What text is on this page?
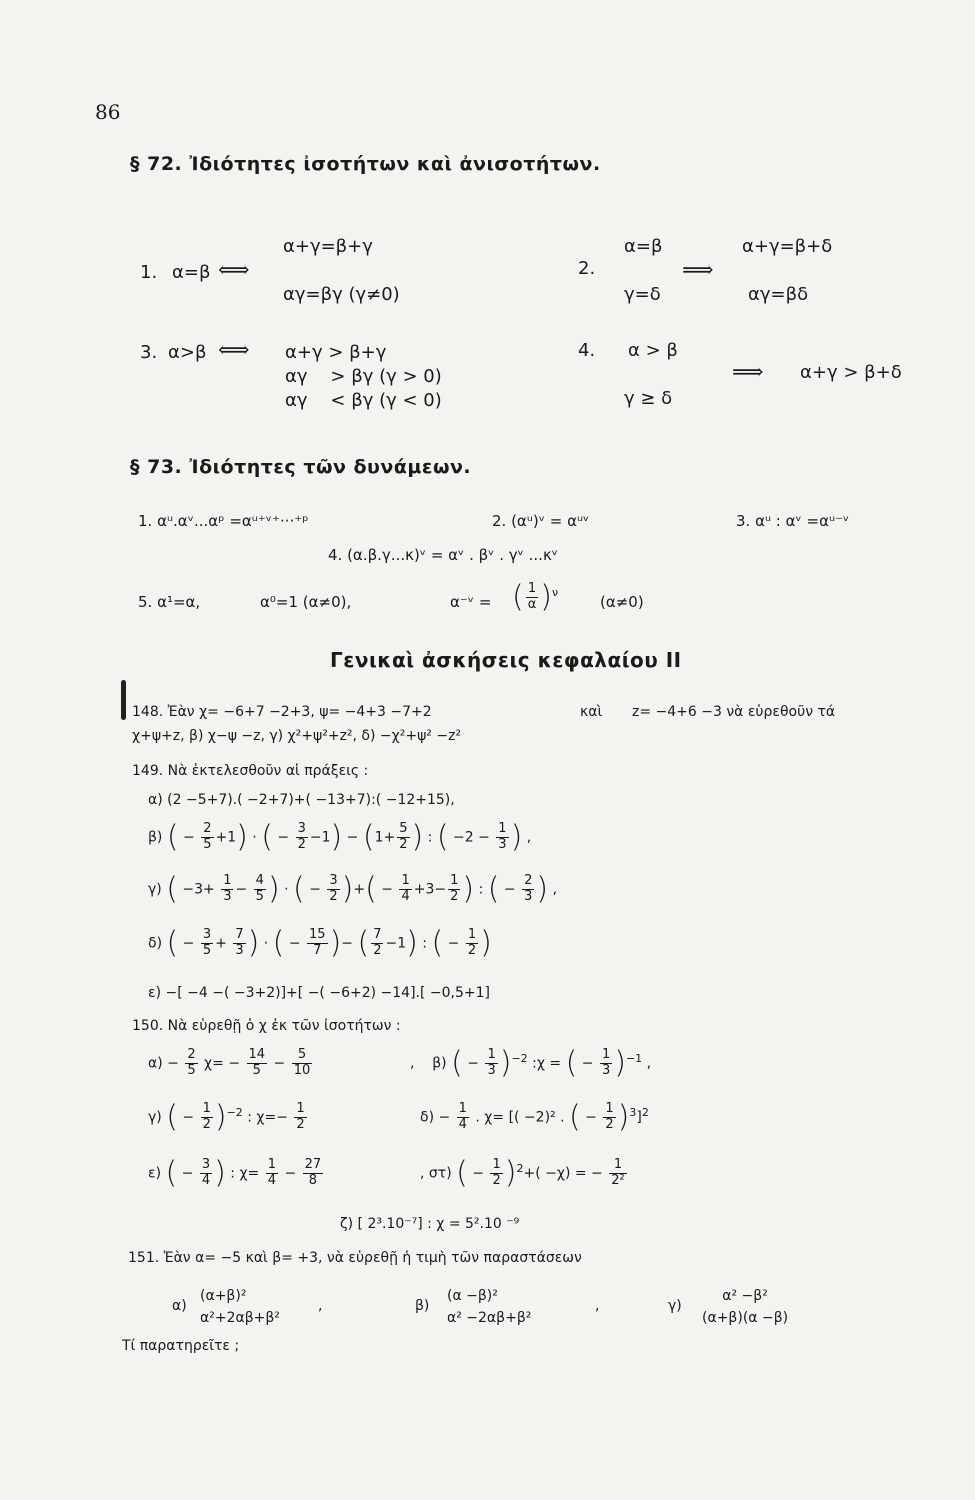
86
§ 72. Ἰδιότητες ἰσοτήτων καὶ ἀνισοτήτων.
1. α=β ⟺
α+γ=β+γ
αγ=βγ (γ≠0)
2.
α=β
γ=δ
⟹
α+γ=β+δ
αγ=βδ
3. α>β ⟺ α+γ > β+γ
αγ    > βγ (γ > 0)
αγ    < βγ (γ < 0)
4. α > β
γ ≥ δ
⟹ α+γ > β+δ
§ 73. Ἰδιότητες τῶν δυνάμεων.
1. αᵘ.αᵛ...αᵖ =αᵘ⁺ᵛ⁺···⁺ᵖ	2. (αᵘ)ᵛ = αᵘᵛ	3. αᵘ : αᵛ =αᵘ⁻ᵛ
4. (α.β.γ...κ)ᵛ = αᵛ . βᵛ . γᵛ ...κᵛ
5. α¹=α,	α⁰=1 (α≠0),	α⁻ᵛ = ( $\frac{1}{\alpha} )^\nu$
(α≠0)
Γενικαὶ ἀσκήσεις κεφαλαίου ΙΙ
148. Ἐὰν χ= −6+7 −2+3, ψ= −4+3 −7+2	καὶ z= −4+6 −3 νὰ εὑρεθοῦν τά
χ+ψ+z, β) χ−ψ −z, γ) χ²+ψ²+z², δ) −χ²+ψ² −z²
149. Νὰ ἐκτελεσθοῦν αἱ πράξεις :
α) (2 −5+7).( −2+7)+( −13+7):( −12+15),
β) ( − $\frac{2}{5} +1$) · ( − $\frac{3}{2} -1) - (1+ \frac{5}{2}$ ) : ( $-2 - \frac{1}{3}$ ) ,
γ) ( $-3+ \frac{1}{3} - \frac{4}{5}$ ) · ( − $\frac{3}{2}$ )+( − $\frac{1}{4} +3- \frac{1}{2}$ ) : ( − $\frac{2}{3}$ ) ,
δ) ( − $\frac{3}{5} + \frac{7}{3}$ ) · ( − $\frac{15}{7}$ )− ( $\frac{7}{2} -1$) : ( − $\frac{1}{2}$ )
ε) −[ −4 −( −3+2)]+[ −( −6+2) −14].[ −0,5+1]
150. Νὰ εὑρεθῇ ὁ χ ἐκ τῶν ἰσοτήτων :
$\alpha) - \frac{2}{5} \chi= - \frac{14}{5} - \frac{5}{10}$	,    β) ( − $\frac{1}{3} )^{-2}$ :χ = ( − $\frac{1}{3} )^{-1}$ ,
γ) ( − $\frac{1}{2} )^{-2}$ : $\chi=- \frac{1}{2}$	$\delta) - \frac{1}{4}$ . χ= [( −2)² . ( − $\frac{1}{2} )^3]^2$
ε) ( − $\frac{3}{4}$ ) : $\chi= \frac{1}{4} - \frac{27}{8}$	, στ) ( − $\frac{1}{2} )^2+( -\chi)$ = − $\frac{1}{\text{2²}}$
ζ) [ 2³.10⁻⁷] : χ = 5².10 ⁻⁹
151. Ἐὰν α= −5 καὶ β= +3, νὰ εὑρεθῇ ἡ τιμὴ τῶν παραστάσεων
α)
(α+β)²
α²+2αβ+β²
,	β)
(α −β)²
α² −2αβ+β²
,	γ)
α² −β²
(α+β)(α −β)
Τί παρατηρεῖτε ;
